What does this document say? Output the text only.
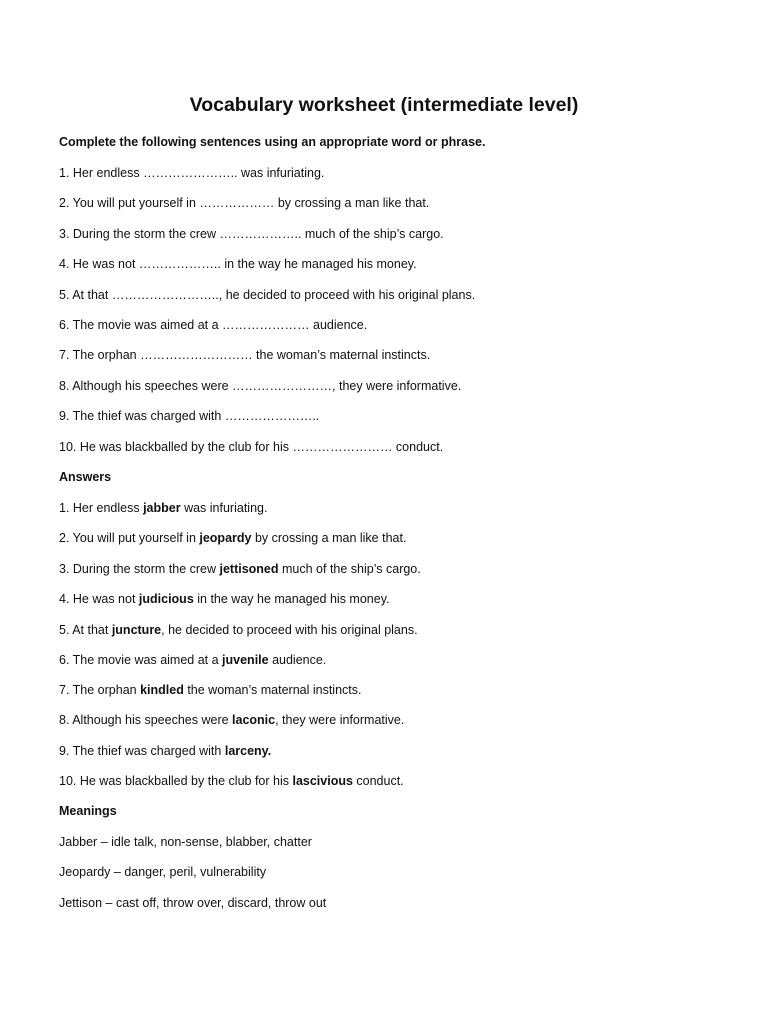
Vocabulary worksheet (intermediate level)

Complete the following sentences using an appropriate word or phrase.

1. Her endless ………………….. was infuriating.

2. You will put yourself in ……………… by crossing a man like that.

3. During the storm the crew ……………….. much of the ship’s cargo.

4. He was not ……………….. in the way he managed his money.

5. At that …………………….., he decided to proceed with his original plans.

6. The movie was aimed at a ………………… audience.

7. The orphan ……………………… the woman’s maternal instincts.

8. Although his speeches were ……………………, they were informative.

9. The thief was charged with …………………..

10. He was blackballed by the club for his …………………… conduct.

Answers

1. Her endless jabber was infuriating.

2. You will put yourself in jeopardy by crossing a man like that.

3. During the storm the crew jettisoned much of the ship’s cargo.

4. He was not judicious in the way he managed his money.

5. At that juncture, he decided to proceed with his original plans.

6. The movie was aimed at a juvenile audience.

7. The orphan kindled the woman’s maternal instincts.

8. Although his speeches were laconic, they were informative.

9. The thief was charged with larceny.

10. He was blackballed by the club for his lascivious conduct.

Meanings

Jabber – idle talk, non-sense, blabber, chatter

Jeopardy – danger, peril, vulnerability

Jettison – cast off, throw over, discard, throw out
